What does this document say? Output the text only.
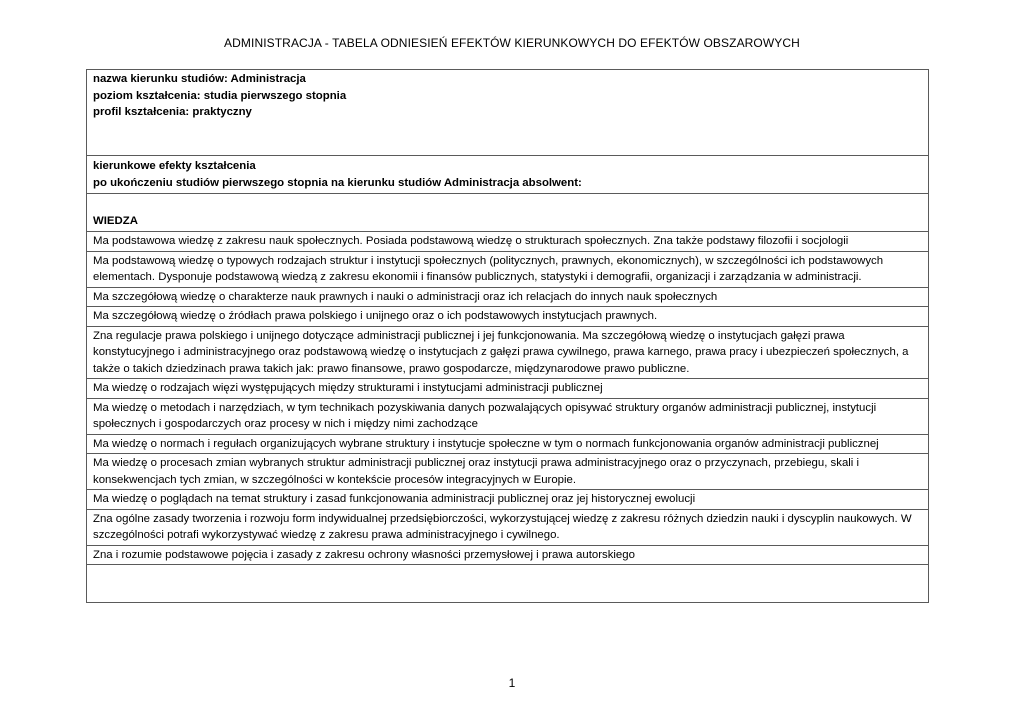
ADMINISTRACJA - TABELA ODNIESIEŃ EFEKTÓW KIERUNKOWYCH DO EFEKTÓW OBSZAROWYCH
nazwa kierunku studiów: Administracja
poziom kształcenia: studia pierwszego stopnia
profil kształcenia: praktyczny

kierunkowe efekty kształcenia
po ukończeniu studiów pierwszego stopnia na kierunku studiów Administracja absolwent:

WIEDZA
Ma podstawowa wiedzę z zakresu nauk społecznych. Posiada podstawową wiedzę o strukturach społecznych. Zna także podstawy filozofii i socjologii
Ma podstawową wiedzę o typowych rodzajach struktur i instytucji społecznych (politycznych, prawnych, ekonomicznych), w szczególności ich podstawowych elementach. Dysponuje podstawową wiedzą z zakresu ekonomii i finansów publicznych, statystyki i demografii, organizacji i zarządzania w administracji.
Ma szczegółową wiedzę o charakterze nauk prawnych i nauki o administracji oraz ich relacjach do innych nauk społecznych
Ma szczegółową wiedzę o źródłach prawa polskiego i unijnego oraz o ich podstawowych instytucjach prawnych.
Zna regulacje prawa polskiego i unijnego dotyczące administracji publicznej i jej funkcjonowania. Ma szczegółową wiedzę o instytucjach gałęzi prawa konstytucyjnego i administracyjnego oraz podstawową wiedzę o instytucjach z gałęzi prawa cywilnego, prawa karnego, prawa pracy i ubezpieczeń społecznych, a także o takich dziedzinach prawa takich jak: prawo finansowe, prawo gospodarcze, międzynarodowe prawo publiczne.
Ma wiedzę o rodzajach więzi występujących między strukturami i instytucjami administracji publicznej
Ma wiedzę o metodach i narzędziach, w tym technikach pozyskiwania danych pozwalających opisywać struktury organów administracji publicznej, instytucji społecznych i gospodarczych oraz procesy w nich i między nimi zachodzące
Ma wiedzę o normach i regułach organizujących wybrane struktury i instytucje społeczne w tym o normach funkcjonowania organów administracji publicznej
Ma wiedzę o procesach zmian wybranych struktur administracji publicznej oraz instytucji prawa administracyjnego oraz o przyczynach, przebiegu, skali i konsekwencjach tych zmian, w szczególności w kontekście procesów integracyjnych w Europie.
Ma wiedzę o poglądach na temat struktury i zasad funkcjonowania administracji publicznej oraz jej historycznej ewolucji
Zna ogólne zasady tworzenia i rozwoju form indywidualnej przedsiębiorczości, wykorzystującej wiedzę z zakresu różnych dziedzin nauki i dyscyplin naukowych. W szczególności potrafi wykorzystywać wiedzę z zakresu prawa administracyjnego i cywilnego.
Zna i rozumie podstawowe pojęcia i zasady z zakresu ochrony własności przemysłowej i prawa autorskiego

1
